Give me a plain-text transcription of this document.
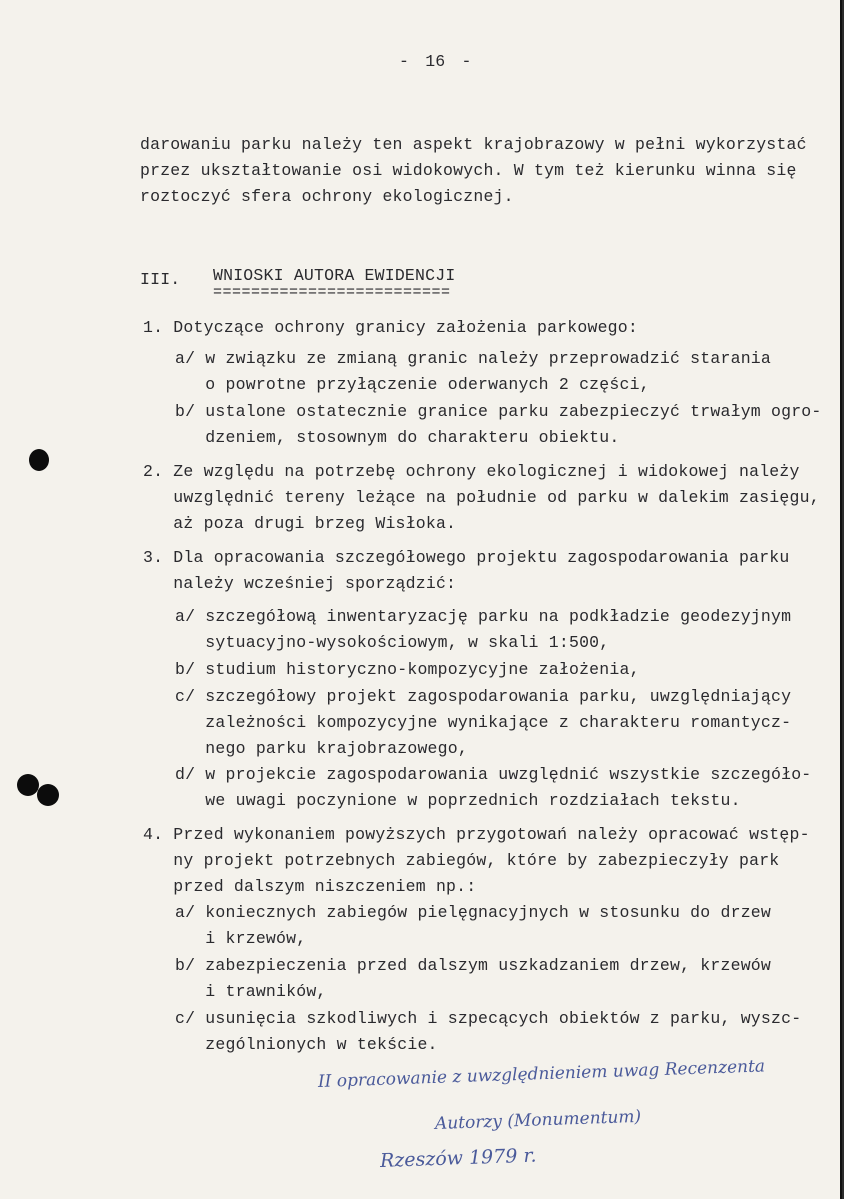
- 16 -
darowaniu parku należy ten aspekt krajobrazowy w pełni wykorzystać
przez ukształtowanie osi widokowych. W tym też kierunku winna się
roztoczyć sfera ochrony ekologicznej.
III. WNIOSKI AUTORA EWIDENCJI
=========================
1. Dotyczące ochrony granicy założenia parkowego:
a/ w związku ze zmianą granic należy przeprowadzić starania
o powrotne przyłączenie oderwanych 2 części,
b/ ustalone ostatecznie granice parku zabezpieczyć trwałym ogro-
dzeniem, stosownym do charakteru obiektu.
2. Ze względu na potrzebę ochrony ekologicznej i widokowej należy
uwzględnić tereny leżące na południe od parku w dalekim zasięgu,
aż poza drugi brzeg Wisłoka.
3. Dla opracowania szczegółowego projektu zagospodarowania parku
należy wcześniej sporządzić:
a/ szczegółową inwentaryzację parku na podkładzie geodezyjnym
sytuacyjno-wysokościowym, w skali 1:500,
b/ studium historyczno-kompozycyjne założenia,
c/ szczegółowy projekt zagospodarowania parku, uwzględniający
zależności kompozycyjne wynikające z charakteru romantycz-
nego parku krajobrazowego,
d/ w projekcie zagospodarowania uwzględnić wszystkie szczegóło-
we uwagi poczynione w poprzednich rozdziałach tekstu.
4. Przed wykonaniem powyższych przygotowań należy opracować wstęp-
ny projekt potrzebnych zabiegów, które by zabezpieczyły park
przed dalszym niszczeniem np.:
a/ koniecznych zabiegów pielęgnacyjnych w stosunku do drzew
i krzewów,
b/ zabezpieczenia przed dalszym uszkadzaniem drzew, krzewów
i trawników,
c/ usunięcia szkodliwych i szpecących obiektów z parku, wyszc-
zególnionych w tekście.
II opracowanie z uwzględnieniem uwag Recenzenta
Autorzy (Monumentum)
Rzeszów 1979 r.
